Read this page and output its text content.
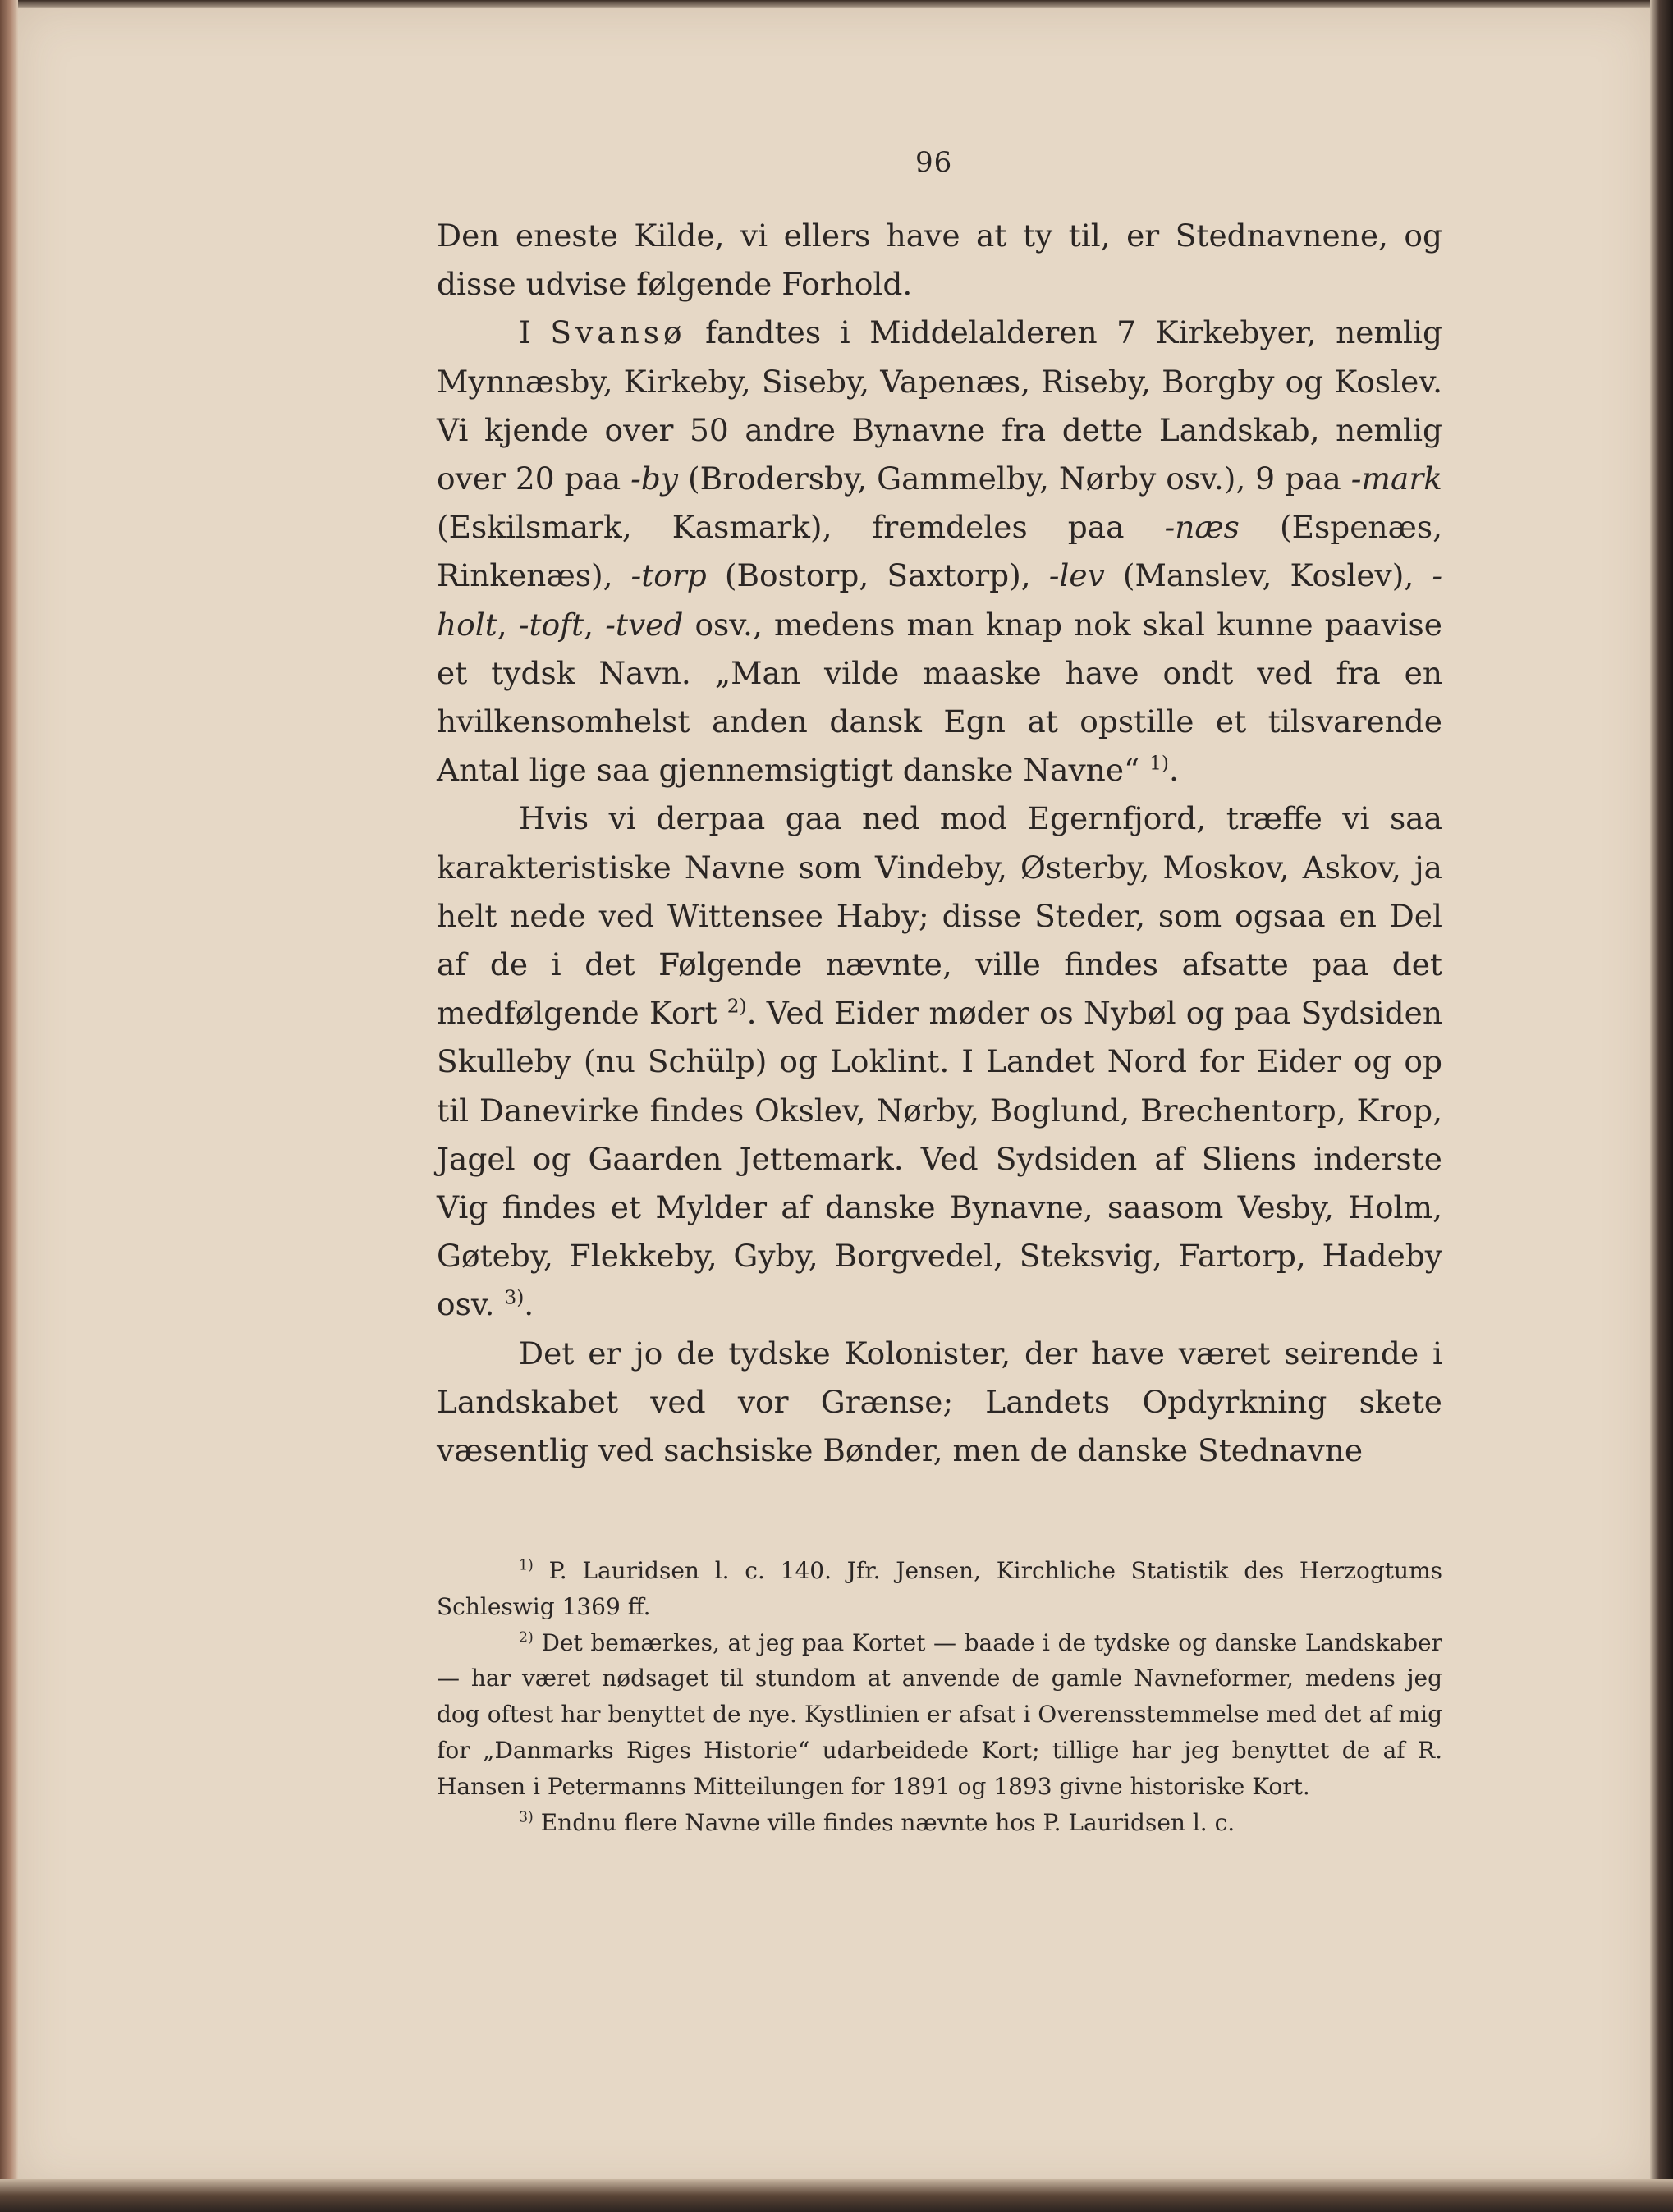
96

Den eneste Kilde, vi ellers have at ty til, er Stednavnene, og disse udvise følgende Forhold.

I Svansø fandtes i Middelalderen 7 Kirkebyer, nemlig Mynnæsby, Kirkeby, Siseby, Vapenæs, Riseby, Borgby og Koslev. Vi kjende over 50 andre Bynavne fra dette Landskab, nemlig over 20 paa -by (Brodersby, Gammelby, Nørby osv.), 9 paa -mark (Eskilsmark, Kasmark), fremdeles paa -næs (Espenæs, Rinkenæs), -torp (Bostorp, Saxtorp), -lev (Manslev, Koslev), -holt, -toft, -tved osv., medens man knap nok skal kunne paavise et tydsk Navn. „Man vilde maaske have ondt ved fra en hvilkensomhelst anden dansk Egn at opstille et tilsvarende Antal lige saa gjennemsigtigt danske Navne“ $^{1)}$.

Hvis vi derpaa gaa ned mod Egernfjord, træffe vi saa karakteristiske Navne som Vindeby, Østerby, Moskov, Askov, ja helt nede ved Wittensee Haby; disse Steder, som ogsaa en Del af de i det Følgende nævnte, ville findes afsatte paa det medfølgende Kort $^{2)}$. Ved Eider møder os Nybøl og paa Sydsiden Skulleby (nu Schülp) og Loklint. I Landet Nord for Eider og op til Danevirke findes Okslev, Nørby, Boglund, Brechentorp, Krop, Jagel og Gaarden Jettemark. Ved Sydsiden af Sliens inderste Vig findes et Mylder af danske Bynavne, saasom Vesby, Holm, Gøteby, Flekkeby, Gyby, Borgvedel, Steksvig, Fartorp, Hadeby osv. $^{3)}$.

Det er jo de tydske Kolonister, der have været seirende i Landskabet ved vor Grænse; Landets Opdyrkning skete væsentlig ved sachsiske Bønder, men de danske Stednavne

$^{1)}$ P. Lauridsen l. c. 140. Jfr. Jensen, Kirchliche Statistik des Herzogtums Schleswig 1369 ff.

$^{2)}$ Det bemærkes, at jeg paa Kortet — baade i de tydske og danske Landskaber — har været nødsaget til stundom at anvende de gamle Navneformer, medens jeg dog oftest har benyttet de nye. Kystlinien er afsat i Overensstemmelse med det af mig for „Danmarks Riges Historie“ udarbeidede Kort; tillige har jeg benyttet de af R. Hansen i Petermanns Mitteilungen for 1891 og 1893 givne historiske Kort.

$^{3)}$ Endnu flere Navne ville findes nævnte hos P. Lauridsen l. c.
